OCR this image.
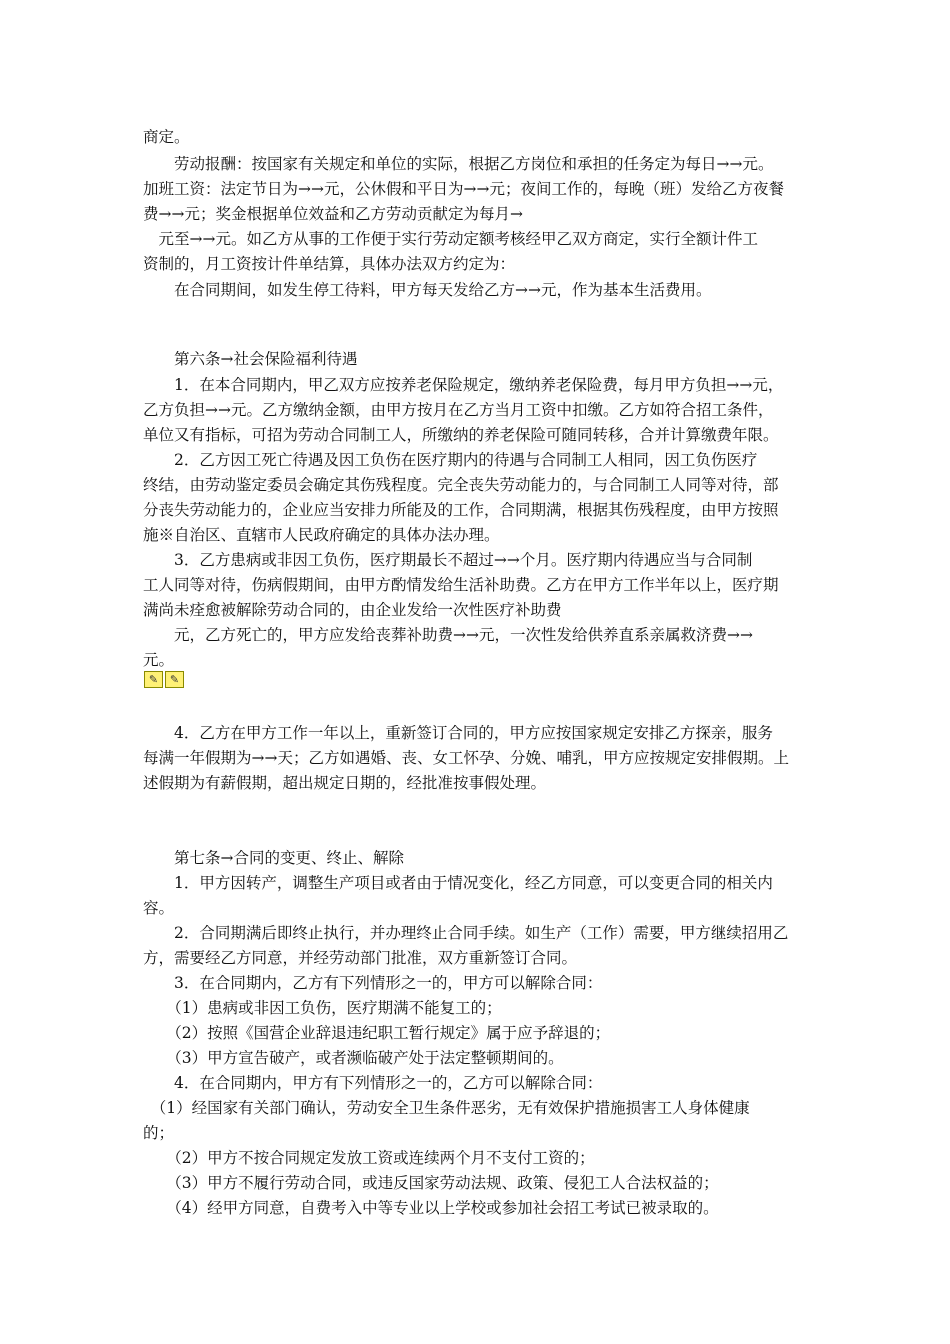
商定。
　　劳动报酬：按国家有关规定和单位的实际，根据乙方岗位和承担的任务定为每日→→元。
加班工资：法定节日为→→元，公休假和平日为→→元；夜间工作的，每晚（班）发给乙方夜餐
费→→元；奖金根据单位效益和乙方劳动贡献定为每月→
　元至→→元。如乙方从事的工作便于实行劳动定额考核经甲乙双方商定，实行全额计件工
资制的，月工资按计件单结算，具体办法双方约定为：
　　在合同期间，如发生停工待料，甲方每天发给乙方→→元，作为基本生活费用。
　　第六条→社会保险福利待遇
　　1．在本合同期内，甲乙双方应按养老保险规定，缴纳养老保险费，每月甲方负担→→元，
乙方负担→→元。乙方缴纳金额，由甲方按月在乙方当月工资中扣缴。乙方如符合招工条件，
单位又有指标，可招为劳动合同制工人，所缴纳的养老保险可随同转移，合并计算缴费年限。
　　2．乙方因工死亡待遇及因工负伤在医疗期内的待遇与合同制工人相同，因工负伤医疗
终结，由劳动鉴定委员会确定其伤残程度。完全丧失劳动能力的，与合同制工人同等对待，部
分丧失劳动能力的，企业应当安排力所能及的工作，合同期满，根据其伤残程度，由甲方按照
施※自治区、直辖市人民政府确定的具体办法办理。
　　3．乙方患病或非因工负伤，医疗期最长不超过→→个月。医疗期内待遇应当与合同制
工人同等对待，伤病假期间，由甲方酌情发给生活补助费。乙方在甲方工作半年以上，医疗期
满尚未痊愈被解除劳动合同的，由企业发给一次性医疗补助费
　　元，乙方死亡的，甲方应发给丧葬补助费→→元，一次性发给供养直系亲属救济费→→
元。
✎	✎
　　4．乙方在甲方工作一年以上，重新签订合同的，甲方应按国家规定安排乙方探亲，服务
每满一年假期为→→天；乙方如遇婚、丧、女工怀孕、分娩、哺乳，甲方应按规定安排假期。上
述假期为有薪假期，超出规定日期的，经批准按事假处理。
　　第七条→合同的变更、终止、解除
　　1．甲方因转产，调整生产项目或者由于情况变化，经乙方同意，可以变更合同的相关内
容。
　　2．合同期满后即终止执行，并办理终止合同手续。如生产（工作）需要，甲方继续招用乙
方，需要经乙方同意，并经劳动部门批准，双方重新签订合同。
　　3．在合同期内，乙方有下列情形之一的，甲方可以解除合同：
　　（1）患病或非因工负伤，医疗期满不能复工的；
　　（2）按照《国营企业辞退违纪职工暂行规定》属于应予辞退的；
　　（3）甲方宣告破产，或者濒临破产处于法定整顿期间的。
　　4．在合同期内，甲方有下列情形之一的，乙方可以解除合同：
　（1）经国家有关部门确认，劳动安全卫生条件恶劣，无有效保护措施损害工人身体健康
的；
　　（2）甲方不按合同规定发放工资或连续两个月不支付工资的；
　　（3）甲方不履行劳动合同，或违反国家劳动法规、政策、侵犯工人合法权益的；
　　（4）经甲方同意，自费考入中等专业以上学校或参加社会招工考试已被录取的。
